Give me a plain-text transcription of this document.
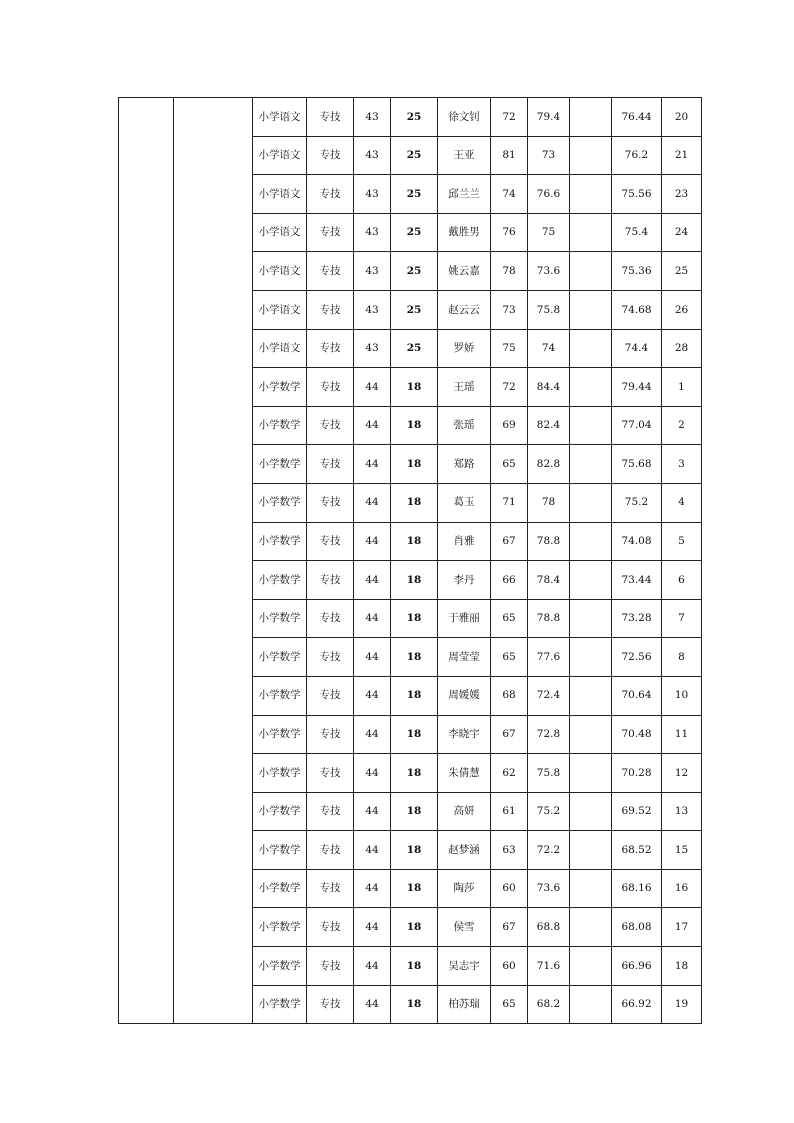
		小学语文	专技	43	25	徐文钊	72	79.4		76.44	20
		小学语文	专技	43	25	王亚	81	73		76.2	21
		小学语文	专技	43	25	邱兰兰	74	76.6		75.56	23
		小学语文	专技	43	25	戴胜男	76	75		75.4	24
		小学语文	专技	43	25	姚云嘉	78	73.6		75.36	25
		小学语文	专技	43	25	赵云云	73	75.8		74.68	26
		小学语文	专技	43	25	罗娇	75	74		74.4	28
		小学数学	专技	44	18	王瑶	72	84.4		79.44	1
		小学数学	专技	44	18	张瑶	69	82.4		77.04	2
		小学数学	专技	44	18	郑路	65	82.8		75.68	3
		小学数学	专技	44	18	葛玉	71	78		75.2	4
		小学数学	专技	44	18	肖雅	67	78.8		74.08	5
		小学数学	专技	44	18	李丹	66	78.4		73.44	6
		小学数学	专技	44	18	于雅丽	65	78.8		73.28	7
		小学数学	专技	44	18	周莹莹	65	77.6		72.56	8
		小学数学	专技	44	18	周媛媛	68	72.4		70.64	10
		小学数学	专技	44	18	李晓宇	67	72.8		70.48	11
		小学数学	专技	44	18	朱倩慧	62	75.8		70.28	12
		小学数学	专技	44	18	高妍	61	75.2		69.52	13
		小学数学	专技	44	18	赵梦涵	63	72.2		68.52	15
		小学数学	专技	44	18	陶莎	60	73.6		68.16	16
		小学数学	专技	44	18	侯雪	67	68.8		68.08	17
		小学数学	专技	44	18	吴志宇	60	71.6		66.96	18
		小学数学	专技	44	18	柏苏瑞	65	68.2		66.92	19
